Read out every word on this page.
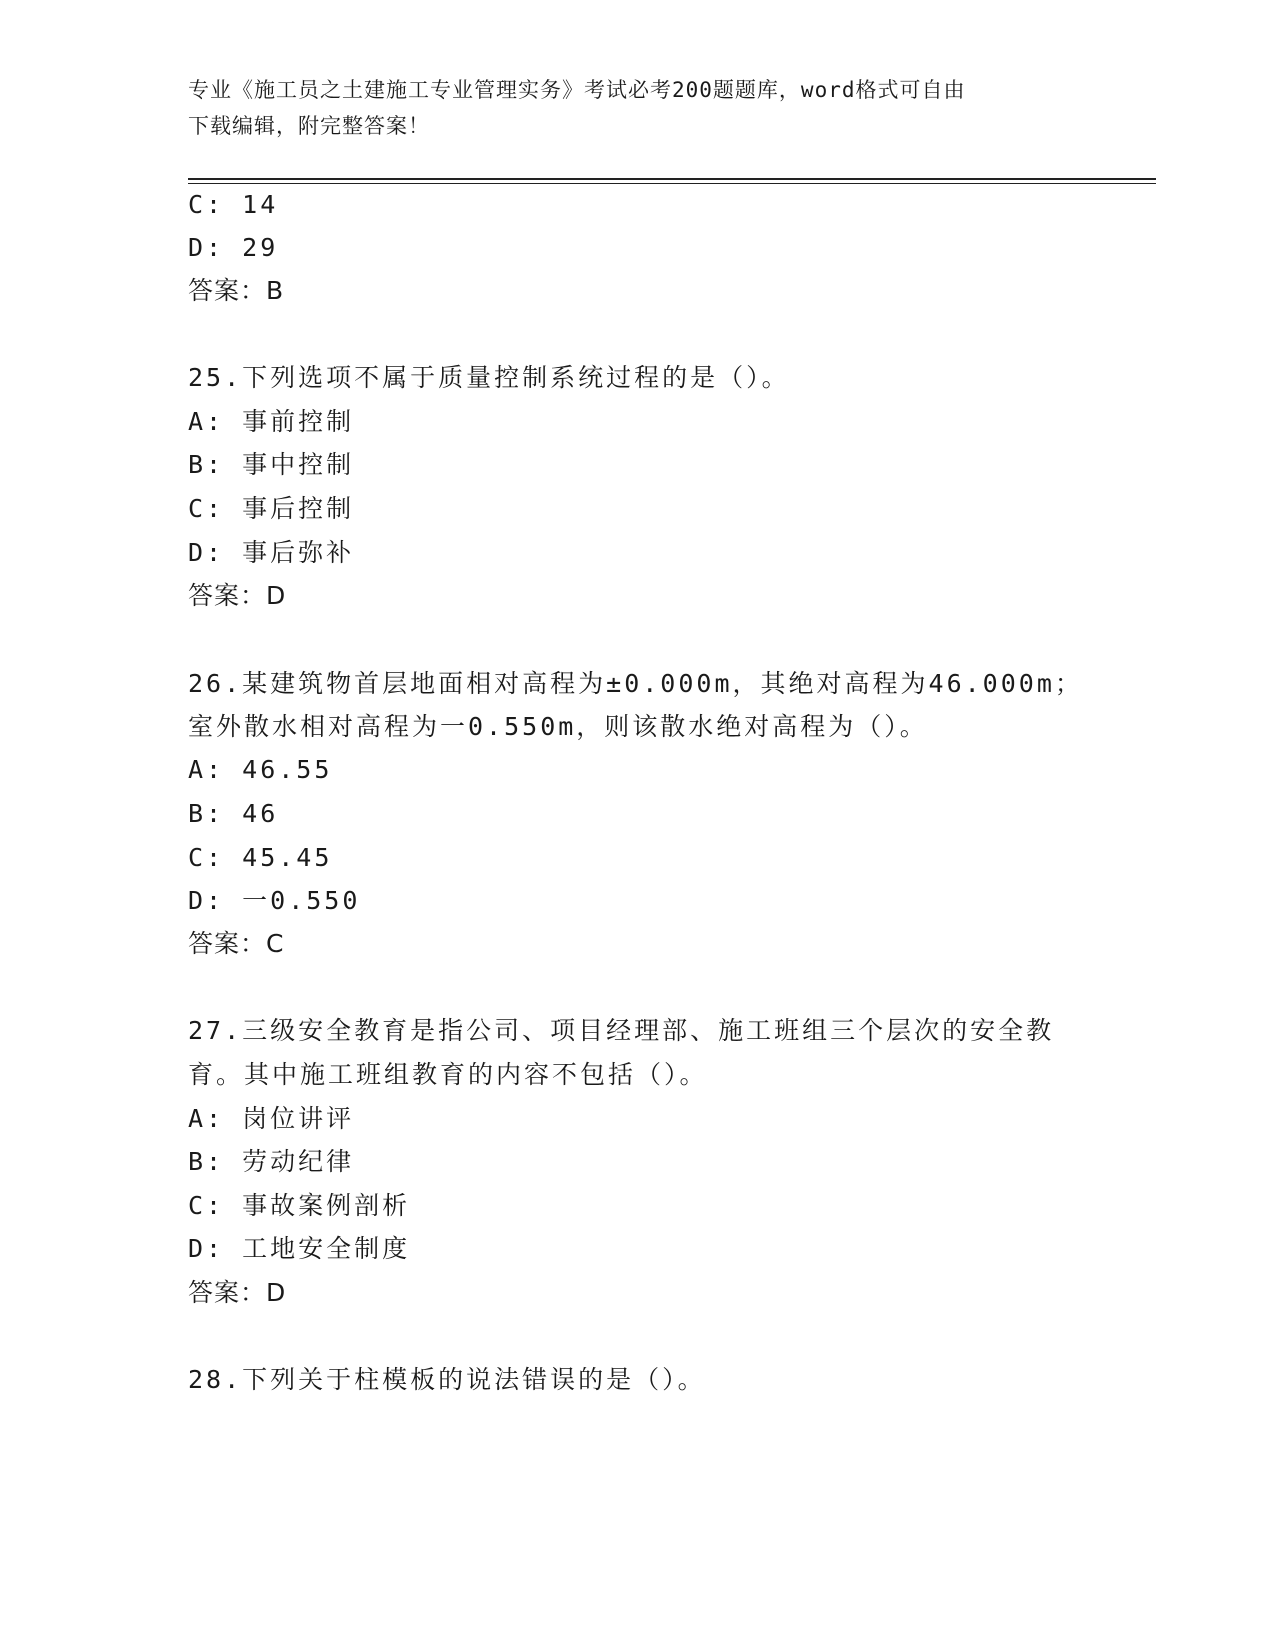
专业《施工员之土建施工专业管理实务》考试必考200题题库，word格式可自由
下载编辑，附完整答案！
C: 14
D: 29
答案：B
25.下列选项不属于质量控制系统过程的是（）。
A: 事前控制
B: 事中控制
C: 事后控制
D: 事后弥补
答案：D
26.某建筑物首层地面相对高程为±0.000m，其绝对高程为46.000m；
室外散水相对高程为一0.550m，则该散水绝对高程为（）。
A: 46.55
B: 46
C: 45.45
D: 一0.550
答案：C
27.三级安全教育是指公司、项目经理部、施工班组三个层次的安全教
育。其中施工班组教育的内容不包括（）。
A: 岗位讲评
B: 劳动纪律
C: 事故案例剖析
D: 工地安全制度
答案：D
28.下列关于柱模板的说法错误的是（）。
